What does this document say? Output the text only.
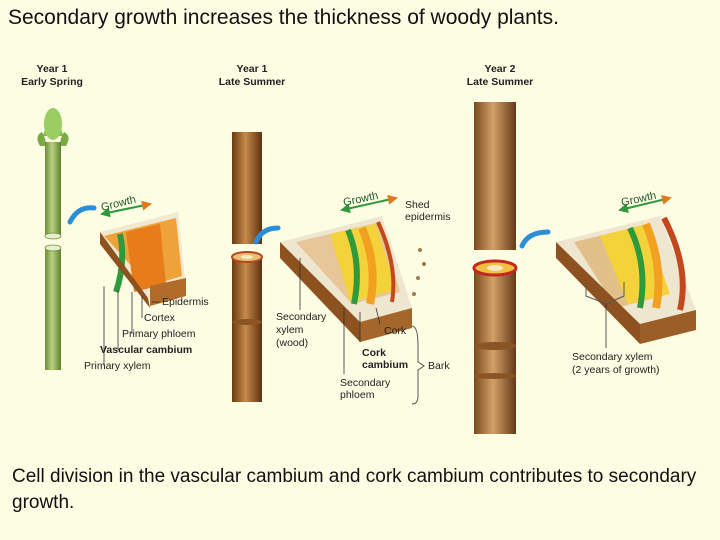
Secondary growth increases the thickness of woody plants.
Year 1
Early Spring
Year 1
Late Summer
Year 2
Late Summer
Growth
Epidermis
Cortex
Primary phloem
Vascular cambium
Primary xylem
Growth Shed
epidermis
Secondary
xylem
(wood)
Cork
Cork
cambium
Secondary
phloem
Bark
Growth
Secondary xylem
(2 years of growth)
Cell division in the vascular cambium and cork cambium contributes to secondary growth.
